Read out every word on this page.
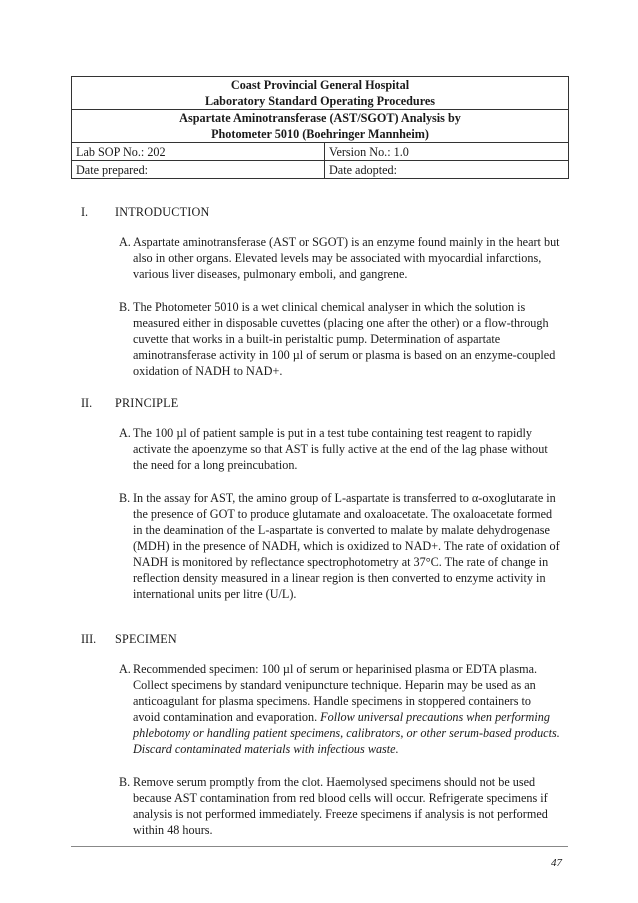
Coast Provincial General Hospital
Laboratory Standard Operating Procedures	

Aspartate Aminotransferase (AST/SGOT) Analysis by
Photometer 5010 (Boehringer Mannheim)	

Lab SOP No.: 202	Version No.: 1.0
Date prepared:	Date adopted:
I. INTRODUCTION
A. Aspartate aminotransferase (AST or SGOT) is an enzyme found mainly in the heart but also in other organs. Elevated levels may be associated with myocardial infarctions, various liver diseases, pulmonary emboli, and gangrene.
B. The Photometer 5010 is a wet clinical chemical analyser in which the solution is measured either in disposable cuvettes (placing one after the other) or a flow-through cuvette that works in a built-in peristaltic pump. Determination of aspartate aminotransferase activity in 100 µl of serum or plasma is based on an enzyme-coupled oxidation of NADH to NAD+.
II. PRINCIPLE
A. The 100 µl of patient sample is put in a test tube containing test reagent to rapidly activate the apoenzyme so that AST is fully active at the end of the lag phase without the need for a long preincubation.
B. In the assay for AST, the amino group of L-aspartate is transferred to α-oxoglutarate in the presence of GOT to produce glutamate and oxaloacetate. The oxaloacetate formed in the deamination of the L-aspartate is converted to malate by malate dehydrogenase (MDH) in the presence of NADH, which is oxidized to NAD+. The rate of oxidation of NADH is monitored by reflectance spectrophotometry at 37°C. The rate of change in reflection density measured in a linear region is then converted to enzyme activity in international units per litre (U/L).
III. SPECIMEN
A. Recommended specimen: 100 µl of serum or heparinised plasma or EDTA plasma. Collect specimens by standard venipuncture technique. Heparin may be used as an anticoagulant for plasma specimens. Handle specimens in stoppered containers to avoid contamination and evaporation. Follow universal precautions when performing phlebotomy or handling patient specimens, calibrators, or other serum-based products. Discard contaminated materials with infectious waste.
B. Remove serum promptly from the clot. Haemolysed specimens should not be used because AST contamination from red blood cells will occur. Refrigerate specimens if analysis is not performed immediately. Freeze specimens if analysis is not performed within 48 hours.
47
